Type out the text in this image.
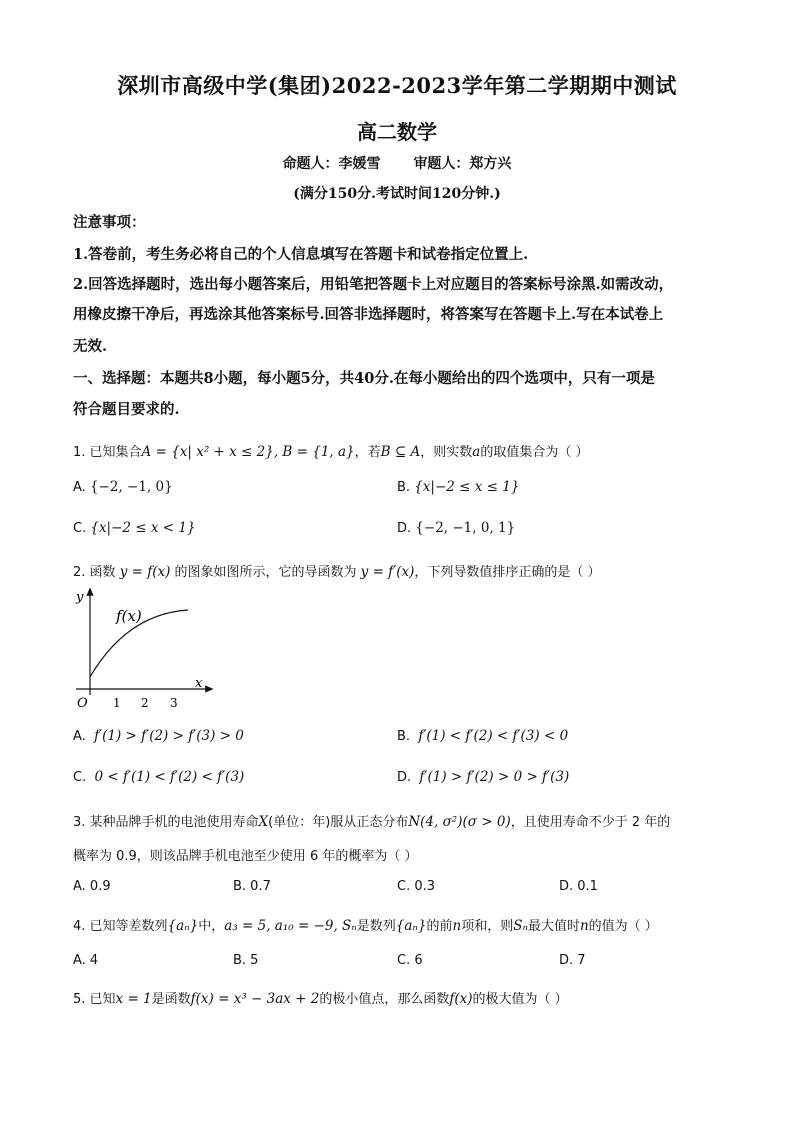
深圳市高级中学(集团)2022-2023学年第二学期期中测试
高二数学
命题人：李媛雪 审题人：郑方兴
(满分150分.考试时间120分钟.)
注意事项：
1.答卷前，考生务必将自己的个人信息填写在答题卡和试卷指定位置上.
2.回答选择题时，选出每小题答案后，用铅笔把答题卡上对应题目的答案标号涂黑.如需改动，
用橡皮擦干净后，再选涂其他答案标号.回答非选择题时，将答案写在答题卡上.写在本试卷上
无效.
一、选择题：本题共8小题，每小题5分，共40分.在每小题给出的四个选项中，只有一项是
符合题目要求的.
1. 已知集合A = {x| x² + x ≤ 2}, B = {1, a}，若B ⊆ A，则实数a的取值集合为（ ）
A. {−2, −1, 0}	B. {x|−2 ≤ x ≤ 1}
C. {x|−2 ≤ x < 1}	D. {−2, −1, 0, 1}
2. 函数 y = f(x) 的图象如图所示，它的导函数为 y = f′(x)，下列导数值排序正确的是（ ）
y
x
O 1 2 3
f(x)
A. f′(1) > f′(2) > f′(3) > 0	B. f′(1) < f′(2) < f′(3) < 0
C. 0 < f′(1) < f′(2) < f′(3)	D. f′(1) > f′(2) > 0 > f′(3)
3. 某种品牌手机的电池使用寿命X(单位：年)服从正态分布N(4, σ²)(σ > 0)，且使用寿命不少于 2 年的
概率为 0.9，则该品牌手机电池至少使用 6 年的概率为（ ）
A. 0.9	B. 0.7	C. 0.3	D. 0.1
4. 已知等差数列{aₙ}中，a₃ = 5, a₁₀ = −9, Sₙ是数列{aₙ}的前n项和，则Sₙ最大值时n的值为（ ）
A. 4	B. 5	C. 6	D. 7
5. 已知x = 1是函数f(x) = x³ − 3ax + 2的极小值点，那么函数f(x)的极大值为（ ）
